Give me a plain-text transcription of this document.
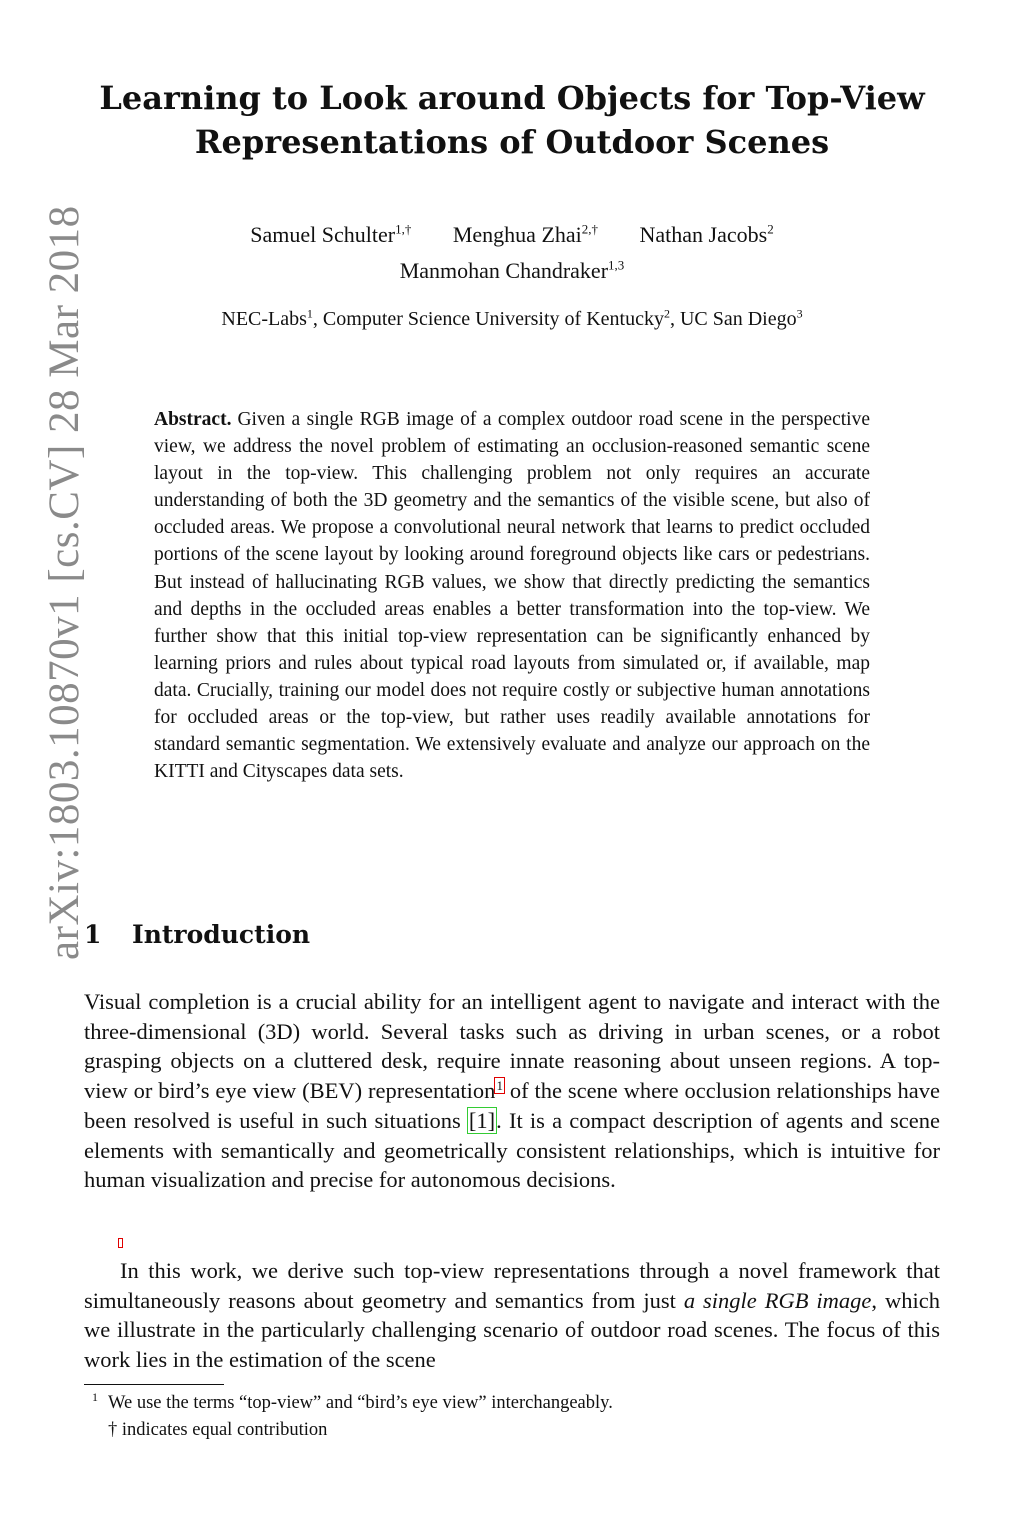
arXiv:1803.10870v1 [cs.CV] 28 Mar 2018
Learning to Look around Objects for Top-View
Representations of Outdoor Scenes
Samuel Schulter$^{1,\dagger}$ Menghua Zhai$^{2,\dagger}$ Nathan Jacobs$^2$
Manmohan Chandraker$^{1,3}$
NEC-Labs$^1$, Computer Science University of Kentucky$^2$, UC San Diego$^3$

Abstract. Given a single RGB image of a complex outdoor road scene in the perspective view, we address the novel problem of estimating an occlusion-reasoned semantic scene layout in the top-view. This challenging problem not only requires an accurate understanding of both the 3D geometry and the semantics of the visible scene, but also of occluded areas. We propose a convolutional neural network that learns to predict occluded portions of the scene layout by looking around foreground objects like cars or pedestrians. But instead of hallucinating RGB values, we show that directly predicting the semantics and depths in the occluded areas enables a better transformation into the top-view. We further show that this initial top-view representation can be significantly enhanced by learning priors and rules about typical road layouts from simulated or, if available, map data. Crucially, training our model does not require costly or subjective human annotations for occluded areas or the top-view, but rather uses readily available annotations for standard semantic segmentation. We extensively evaluate and analyze our approach on the KITTI and Cityscapes data sets.

1 Introduction

Visual completion is a crucial ability for an intelligent agent to navigate and interact with the three-dimensional (3D) world. Several tasks such as driving in urban scenes, or a robot grasping objects on a cluttered desk, require innate reasoning about unseen regions. A top-view or bird’s eye view (BEV) representation$^1$ of the scene where occlusion relationships have been resolved is useful in such situations [1]. It is a compact description of agents and scene elements with semantically and geometrically consistent relationships, which is intuitive for human visualization and precise for autonomous decisions.

In this work, we derive such top-view representations through a novel framework that simultaneously reasons about geometry and semantics from just a single RGB image, which we illustrate in the particularly challenging scenario of outdoor road scenes. The focus of this work lies in the estimation of the scene

1 We use the terms “top-view” and “bird’s eye view” interchangeably.
† indicates equal contribution
